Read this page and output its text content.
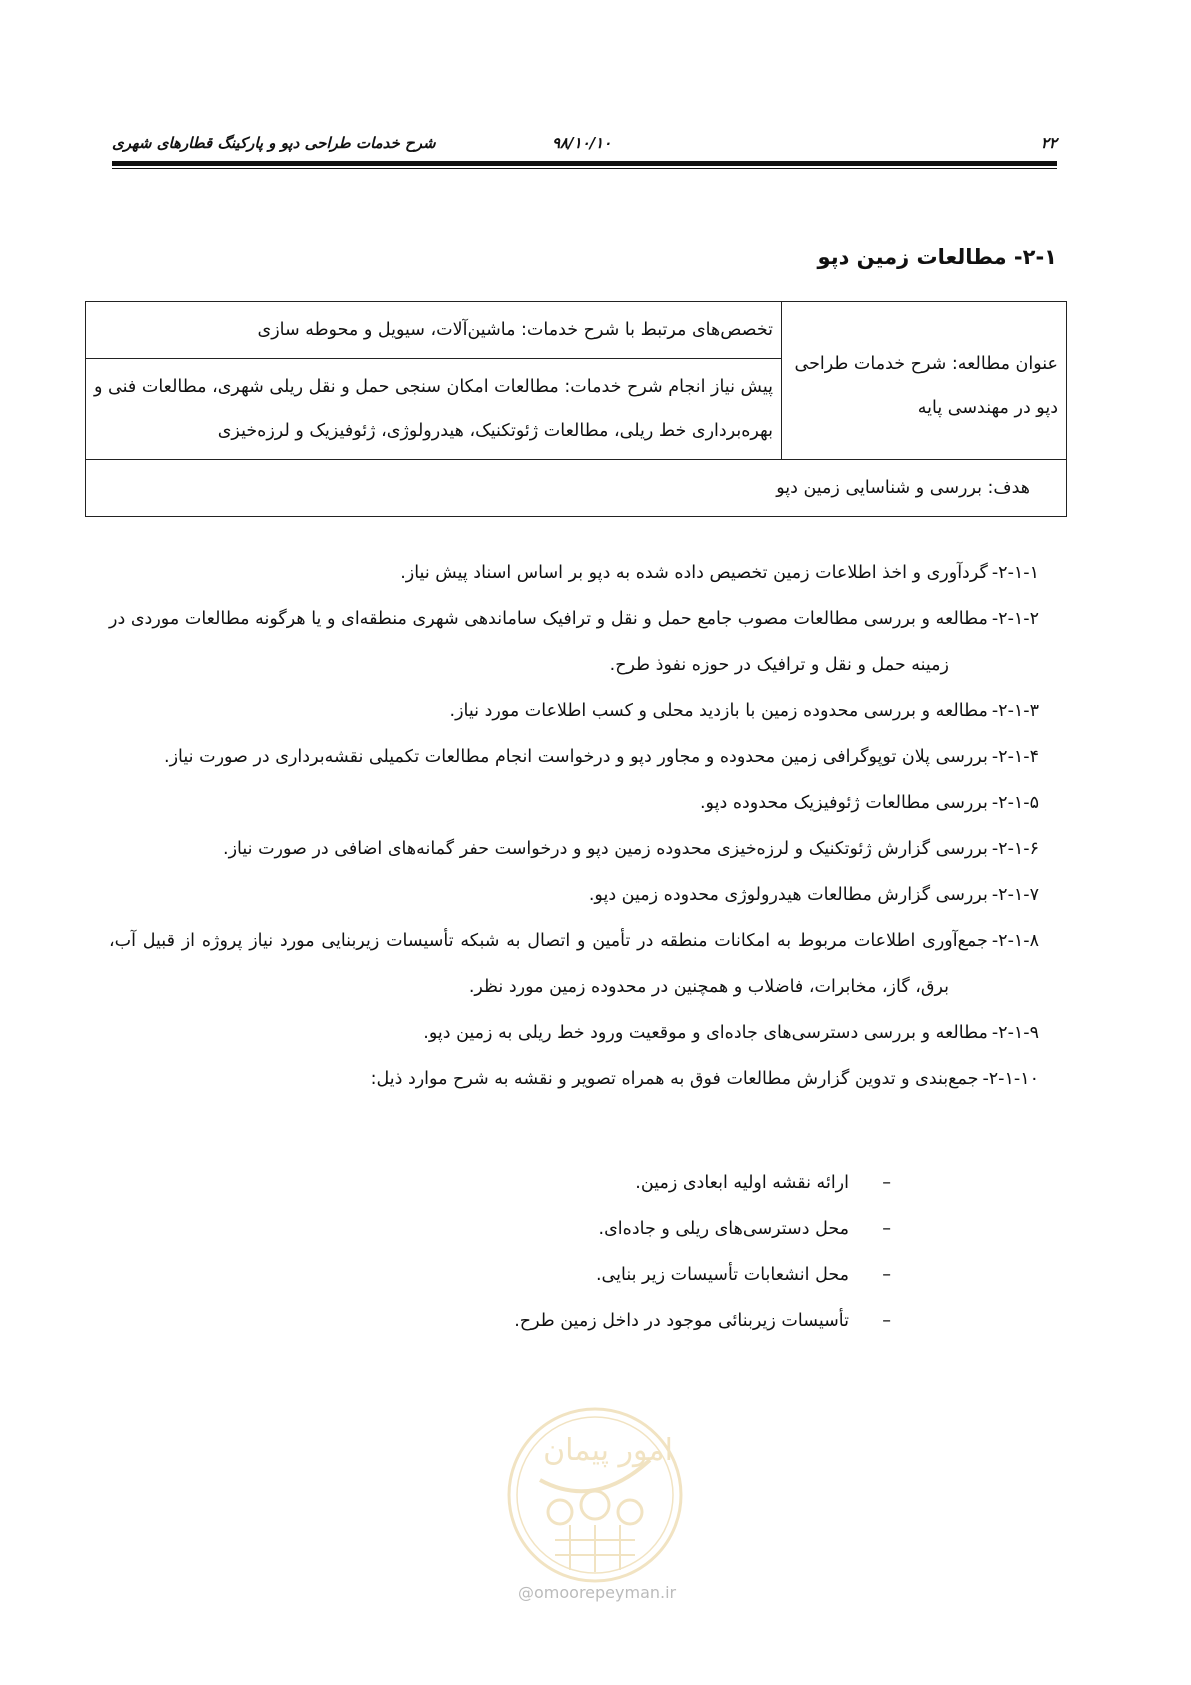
۲۲
۹۸/۱۰/۱۰
شرح خدمات طراحی دپو و پارکینگ قطارهای شهری
۲-۱- مطالعات زمین دپو
عنوان مطالعه: شرح خدمات طراحی دپو در مهندسی پایه
	تخصص‌های مرتبط با شرح خدمات: ماشین‌آلات، سیویل و محوطه سازی
پیش نیاز انجام شرح خدمات: مطالعات امکان سنجی حمل و نقل ریلی شهری، مطالعات فنی و بهره‌برداری خط ریلی، مطالعات ژئوتکنیک، هیدرولوژی، ژئوفیزیک و لرزه‌خیزی
هدف: بررسی و شناسایی زمین دپو
۲-۱-۱-گردآوری و اخذ اطلاعات زمین تخصیص داده شده به دپو بر اساس اسناد پیش نیاز.
۲-۱-۲-مطالعه و بررسی مطالعات مصوب جامع حمل و نقل و ترافیک ساماندهی شهری منطقه‌ای و یا هرگونه مطالعات موردی در زمینه حمل و نقل و ترافیک در حوزه نفوذ طرح.
۲-۱-۳-مطالعه و بررسی محدوده زمین با بازدید محلی و کسب اطلاعات مورد نیاز.
۲-۱-۴-بررسی پلان توپوگرافی زمین محدوده و مجاور دپو و درخواست انجام مطالعات تکمیلی نقشه‌برداری در صورت نیاز.
۲-۱-۵-بررسی مطالعات ژئوفیزیک محدوده دپو.
۲-۱-۶-بررسی گزارش ژئوتکنیک و لرزه‌خیزی محدوده زمین دپو و درخواست حفر گمانه‌های اضافی در صورت نیاز.
۲-۱-۷-بررسی گزارش مطالعات هیدرولوژی محدوده زمین دپو.
۲-۱-۸-جمع‌آوری اطلاعات مربوط به امکانات منطقه در تأمین و اتصال به شبکه تأسیسات زیربنایی مورد نیاز پروژه از قبیل آب، برق، گاز، مخابرات، فاضلاب و همچنین در محدوده زمین مورد نظر.
۲-۱-۹-مطالعه و بررسی دسترسی‌های جاده‌ای و موقعیت ورود خط ریلی به زمین دپو.
۲-۱-۱۰-جمع‌بندی و تدوین گزارش مطالعات فوق به همراه تصویر و نقشه به شرح موارد ذیل:
–ارائه نقشه اولیه ابعادی زمین.
–محل دسترسی‌های ریلی و جاده‌ای.
–محل انشعابات تأسیسات زیر بنایی.
–تأسیسات زیربنائی موجود در داخل زمین طرح.
امور پیمان
@omoorepeyman.ir
